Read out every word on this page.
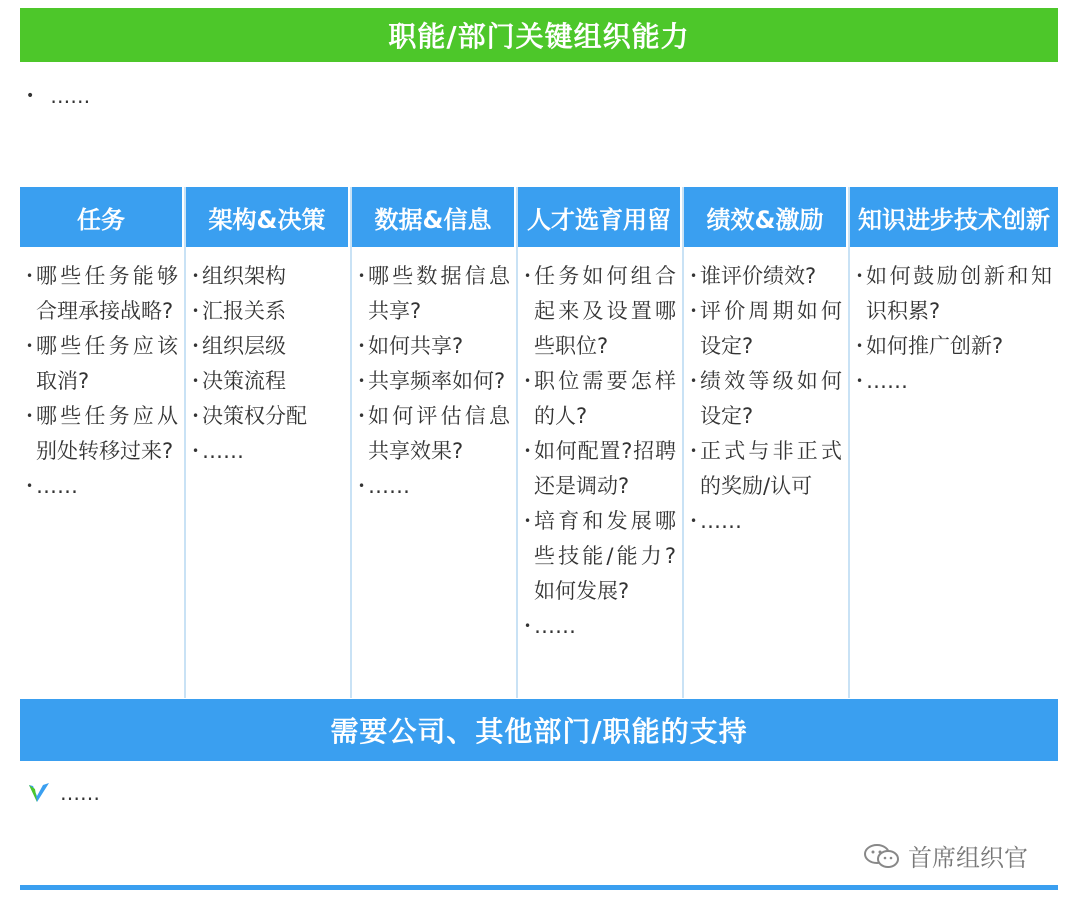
职能/部门关键组织能力
• ……
任务
• 哪些任务能够合理承接战略?
• 哪些任务应该取消?
• 哪些任务应从别处转移过来?
• ……
架构&决策
• 组织架构
• 汇报关系
• 组织层级
• 决策流程
• 决策权分配
• ……
数据&信息
• 哪些数据信息共享?
• 如何共享?
• 共享频率如何?
• 如何评估信息共享效果?
• ……
人才选育用留
• 任务如何组合起来及设置哪些职位?
• 职位需要怎样的人?
• 如何配置?招聘还是调动?
• 培育和发展哪些技能/能力?如何发展?
• ……
绩效&激励
• 谁评价绩效?
• 评价周期如何设定?
• 绩效等级如何设定?
• 正式与非正式的奖励/认可
• ……
知识进步技术创新
• 如何鼓励创新和知识积累?
• 如何推广创新?
• ……
需要公司、其他部门/职能的支持
……
首席组织官
